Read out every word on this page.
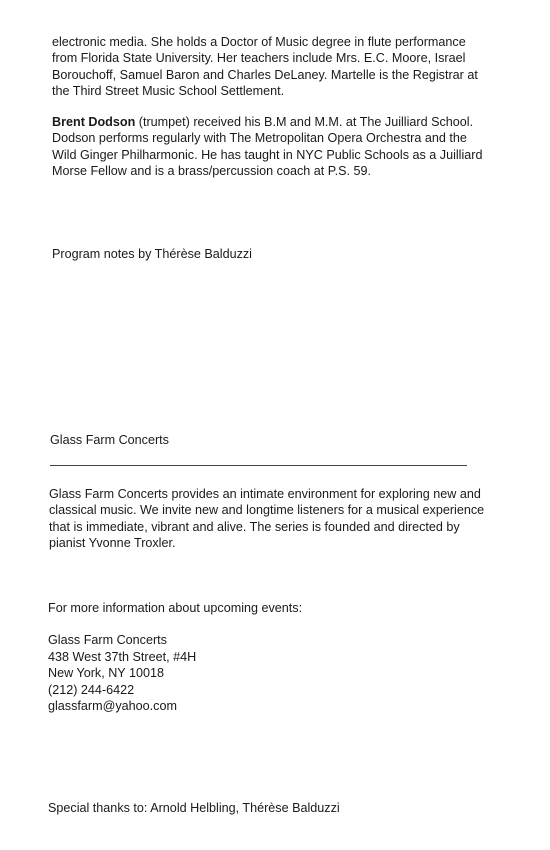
electronic media. She holds a Doctor of Music degree in flute performance
from Florida State University. Her teachers include Mrs. E.C. Moore, Israel
Borouchoff, Samuel Baron and Charles DeLaney. Martelle is the Registrar at
the Third Street Music School Settlement.
Brent Dodson (trumpet) received his B.M and M.M. at The Juilliard School.
Dodson performs regularly with The Metropolitan Opera Orchestra and the
Wild Ginger Philharmonic. He has taught in NYC Public Schools as a Juilliard
Morse Fellow and is a brass/percussion coach at P.S. 59.
Program notes by Thérèse Balduzzi
Glass Farm Concerts
Glass Farm Concerts provides an intimate environment for exploring new and
classical music. We invite new and longtime listeners for a musical experience
that is immediate, vibrant and alive. The series is founded and directed by
pianist Yvonne Troxler.
For more information about upcoming events:
Glass Farm Concerts
438 West 37th Street, #4H
New York, NY 10018
(212) 244-6422
glassfarm@yahoo.com
Special thanks to: Arnold Helbling, Thérèse Balduzzi
